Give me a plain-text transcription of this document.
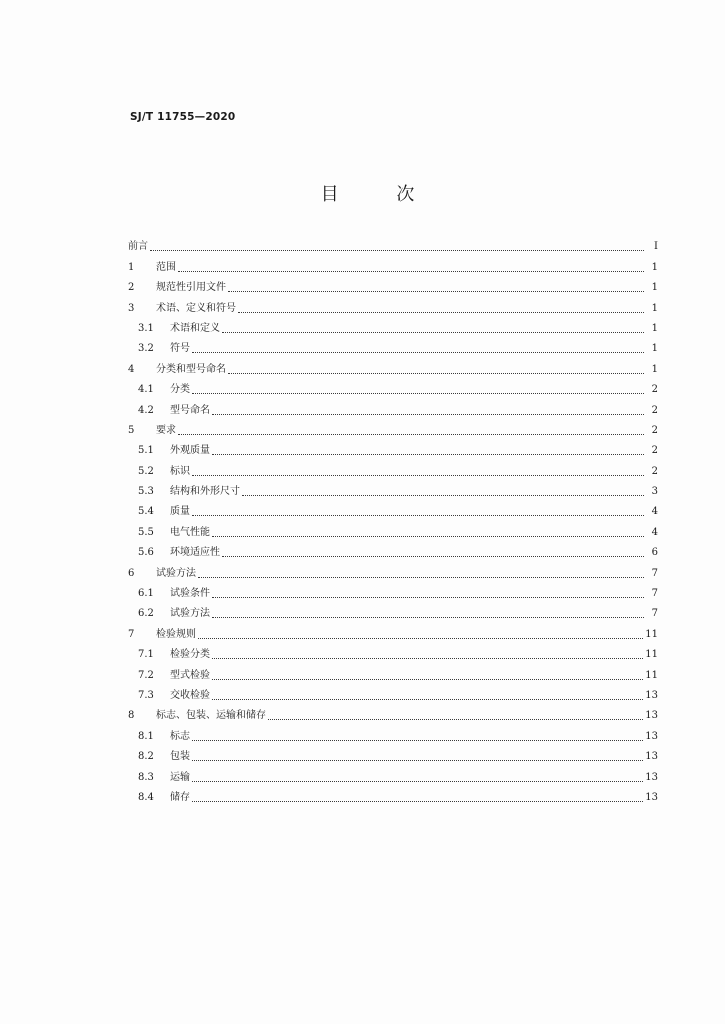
SJ/T 11755—2020
目 次
前言	I
1	范围	1
2	规范性引用文件	1
3	术语、定义和符号	1
3.1	术语和定义	1
3.2	符号	1
4	分类和型号命名	1
4.1	分类	2
4.2	型号命名	2
5	要求	2
5.1	外观质量	2
5.2	标识	2
5.3	结构和外形尺寸	3
5.4	质量	4
5.5	电气性能	4
5.6	环境适应性	6
6	试验方法	7
6.1	试验条件	7
6.2	试验方法	7
7	检验规则	11
7.1	检验分类	11
7.2	型式检验	11
7.3	交收检验	13
8	标志、包装、运输和储存	13
8.1	标志	13
8.2	包装	13
8.3	运输	13
8.4	储存	13
